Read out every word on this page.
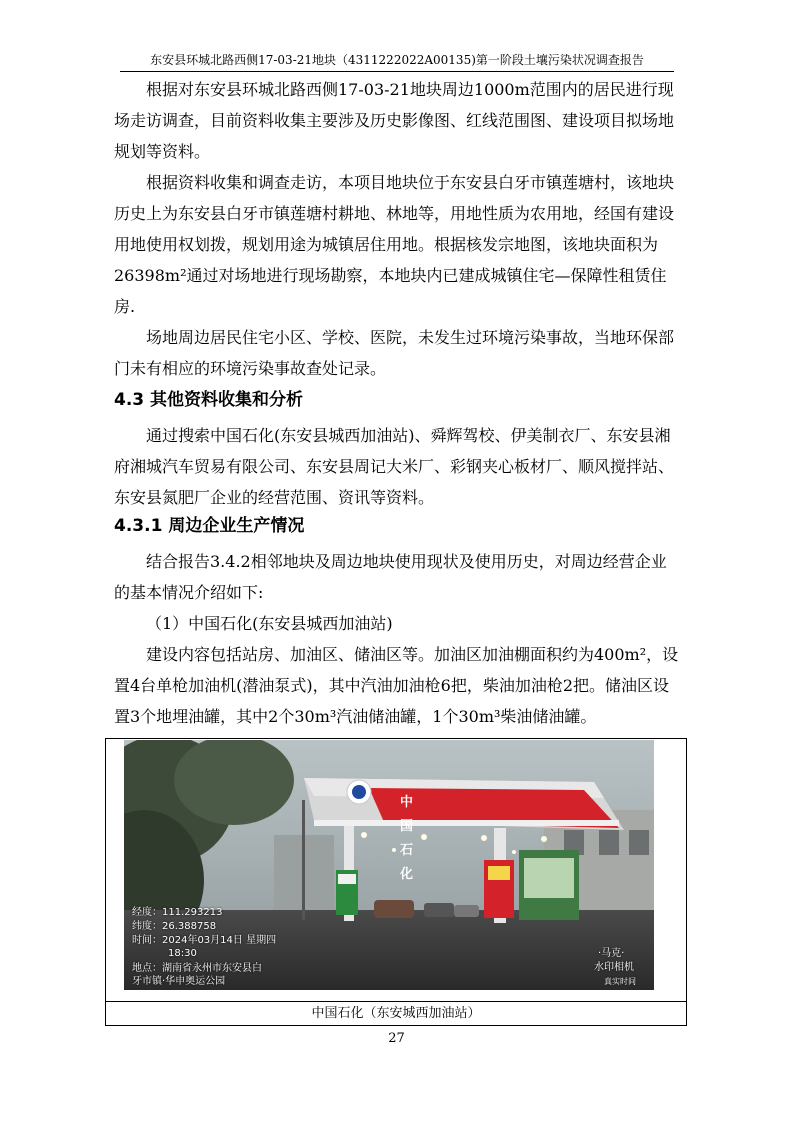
东安县环城北路西侧17-03-21地块（4311222022A00135)第一阶段土壤污染状况调查报告

根据对东安县环城北路西侧17-03-21地块周边1000m范围内的居民进行现场走访调查，目前资料收集主要涉及历史影像图、红线范围图、建设项目拟场地规划等资料。

根据资料收集和调查走访，本项目地块位于东安县白牙市镇莲塘村，该地块历史上为东安县白牙市镇莲塘村耕地、林地等，用地性质为农用地，经国有建设用地使用权划拨，规划用途为城镇居住用地。根据核发宗地图，该地块面积为26398m²通过对场地进行现场勘察，本地块内已建成城镇住宅—保障性租赁住房.

场地周边居民住宅小区、学校、医院，未发生过环境污染事故，当地环保部门未有相应的环境污染事故查处记录。

4.3 其他资料收集和分析

通过搜索中国石化(东安县城西加油站)、舜辉驾校、伊美制衣厂、东安县湘府湘城汽车贸易有限公司、东安县周记大米厂、彩钢夹心板材厂、顺风搅拌站、东安县氮肥厂企业的经营范围、资讯等资料。

4.3.1 周边企业生产情况

结合报告3.4.2相邻地块及周边地块使用现状及使用历史，对周边经营企业的基本情况介绍如下:

（1）中国石化(东安县城西加油站)

建设内容包括站房、加油区、储油区等。加油区加油棚面积约为400m²，设置4台单枪加油机(潜油泵式)，其中汽油加油枪6把，柴油加油枪2把。储油区设置3个地埋油罐，其中2个30m³汽油储油罐，1个30m³柴油储油罐。

中国石化
经度：111.293213
纬度：26.388758
时间：2024年03月14日 星期四
18:30
地点：湖南省永州市东安县白
牙市镇·华申奥运公园
·马克·
水印相机
真实时间
中国石化（东安城西加油站）
27
